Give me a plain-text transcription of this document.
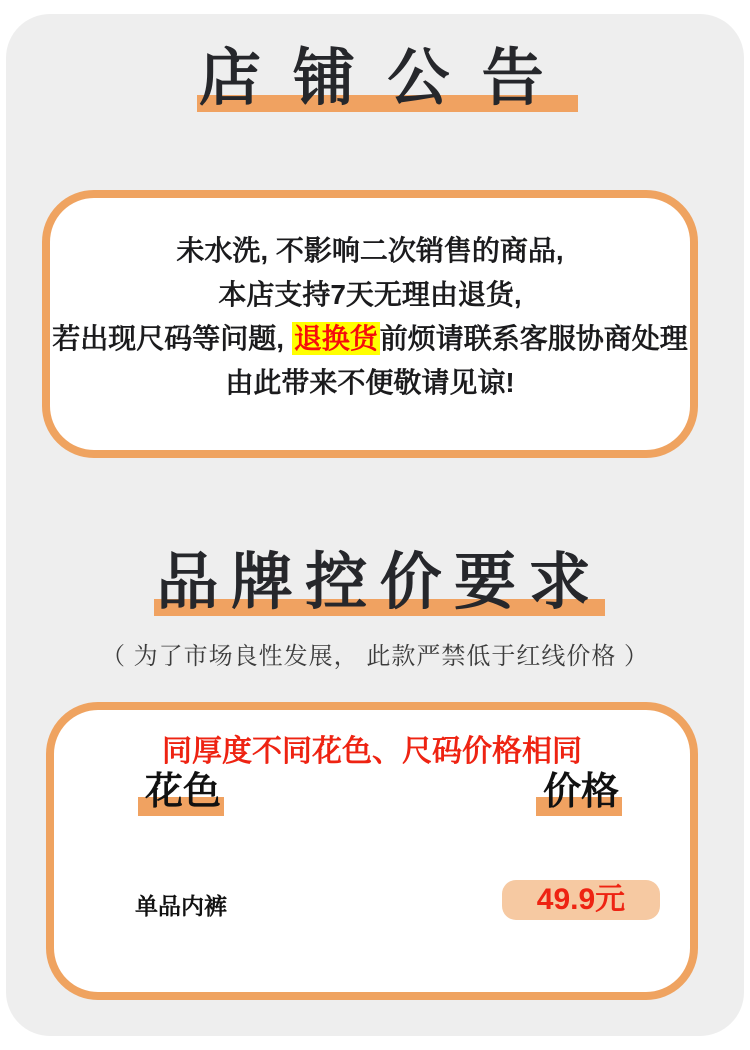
店铺公告

未水洗, 不影响二次销售的商品,

本店支持7天无理由退货,

若出现尺码等问题, 退换货前烦请联系客服协商处理

由此带来不便敬请见谅!

品牌控价要求
（ 为了市场良性发展， 此款严禁低于红线价格 ）

同厚度不同花色、尺码价格相同

花色	价格
单品内裤	49.9元
